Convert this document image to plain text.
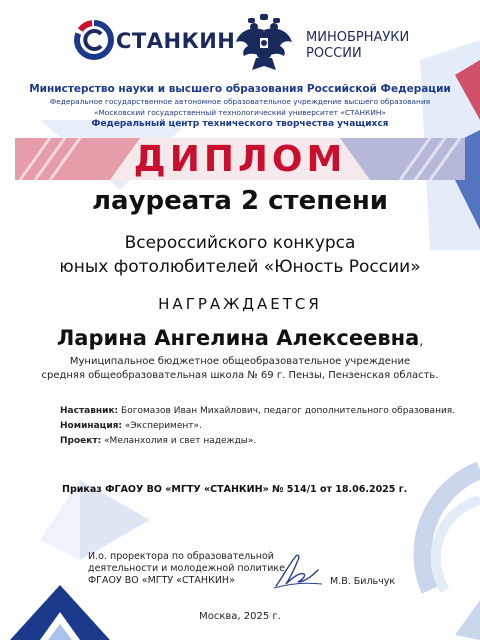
СТАНКИН	МИНОБРНАУКИ
РОССИИ
Министерство науки и высшего образования Российской Федерации
Федеральное государственное автономное образовательное учреждение высшего образования
«Московский государственный технологический университет «СТАНКИН»
Федеральный центр технического творчества учащихся
ДИПЛОМ
лауреата 2 степени
Всероссийского конкурса
юных фотолюбителей «Юность России»
НАГРАЖДАЕТСЯ
Ларина Ангелина Алексеевна,
Муниципальное бюджетное общеобразовательное учреждение
средняя общеобразовательная школа № 69 г. Пензы, Пензенская область.
Наставник: Богомазов Иван Михайлович, педагог дополнительного образования.
Номинация: «Эксперимент».
Проект: «Меланхолия и свет надежды».
Приказ ФГАОУ ВО «МГТУ «СТАНКИН» № 514/1 от 18.06.2025 г.
И.о. проректора по образовательной
деятельности и молодежной политике
ФГАОУ ВО «МГТУ «СТАНКИН»	М.В. Бильчук
Москва, 2025 г.
